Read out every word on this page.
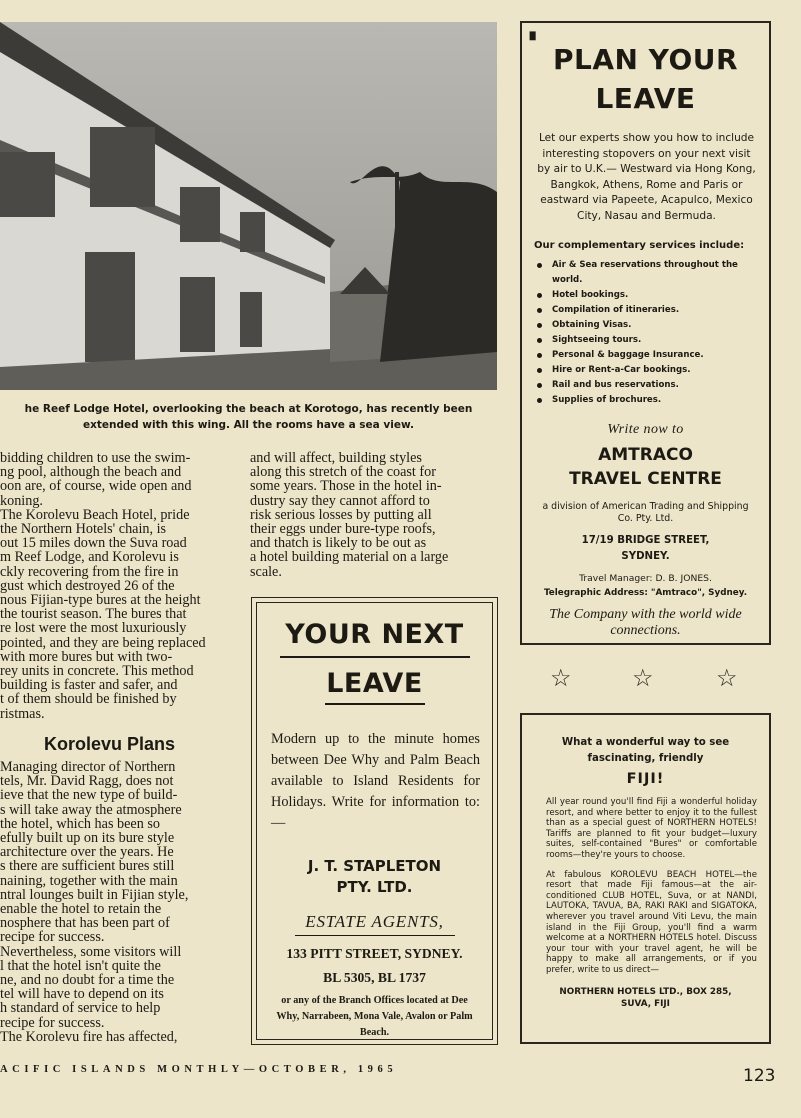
he Reef Lodge Hotel, overlooking the beach at Korotogo, has recently been extended with this wing. All the rooms have a sea view.

bidding children to use the swim-

ng pool, although the beach and

oon are, of course, wide open and

koning.

The Korolevu Beach Hotel, pride

the Northern Hotels' chain, is

out 15 miles down the Suva road

m Reef Lodge, and Korolevu is

ckly recovering from the fire in

gust which destroyed 26 of the

nous Fijian-type bures at the height

the tourist season. The bures that

re lost were the most luxuriously

pointed, and they are being replaced

with more bures but with two-

rey units in concrete. This method

building is faster and safer, and

t of them should be finished by

ristmas.

Korolevu Plans

Managing director of Northern

tels, Mr. David Ragg, does not

ieve that the new type of build-

s will take away the atmosphere

the hotel, which has been so

efully built up on its bure style

architecture over the years. He

s there are sufficient bures still

naining, together with the main

ntral lounges built in Fijian style,

enable the hotel to retain the

nosphere that has been part of

recipe for success.

Nevertheless, some visitors will

l that the hotel isn't quite the

ne, and no doubt for a time the

tel will have to depend on its

h standard of service to help

recipe for success.

The Korolevu fire has affected,

and will affect, building styles

along this stretch of the coast for

some years. Those in the hotel in-

dustry say they cannot afford to

risk serious losses by putting all

their eggs under bure-type roofs,

and thatch is likely to be out as

a hotel building material on a large

scale.

YOUR NEXT
LEAVE
Modern up to the minute homes between Dee Why and Palm Beach available to Island Residents for Holidays. Write for information to:—
J. T. STAPLETON
PTY. LTD.
ESTATE AGENTS,
133 PITT STREET, SYDNEY.
BL 5305, BL 1737
or any of the Branch Offices located at Dee Why, Narrabeen, Mona Vale, Avalon or Palm Beach.
▘
PLAN YOUR
LEAVE
Let our experts show you how to include interesting stopovers on your next visit by air to U.K.— Westward via Hong Kong, Bangkok, Athens, Rome and Paris or eastward via Papeete, Acapulco, Mexico City, Nasau and Bermuda.
Our complementary services include:
Air & Sea reservations throughout the world.
Hotel bookings.
Compilation of itineraries.
Obtaining Visas.
Sightseeing tours.
Personal & baggage Insurance.
Hire or Rent-a-Car bookings.
Rail and bus reservations.
Supplies of brochures.
Write now to
AMTRACO
TRAVEL CENTRE
a division of American Trading and Shipping Co. Pty. Ltd.
17/19 BRIDGE STREET,
SYDNEY.
Travel Manager: D. B. JONES.
Telegraphic Address: "Amtraco", Sydney.
The Company with the world wide connections.
☆	☆	☆
What a wonderful way to see fascinating, friendly
FIJI!
All year round you'll find Fiji a wonderful holiday resort, and where better to enjoy it to the fullest than as a special guest of NORTHERN HOTELS! Tariffs are planned to fit your budget—luxury suites, self-contained "Bures" or comfortable rooms—they're yours to choose.
At fabulous KOROLEVU BEACH HOTEL—the resort that made Fiji famous—at the air-conditioned CLUB HOTEL, Suva, or at NANDI, LAUTOKA, TAVUA, BA, RAKI RAKI and SIGATOKA, wherever you travel around Viti Levu, the main island in the Fiji Group, you'll find a warm welcome at a NORTHERN HOTELS hotel. Discuss your tour with your travel agent, he will be happy to make all arrangements, or if you prefer, write to us direct—
NORTHERN HOTELS LTD., BOX 285,
SUVA, FIJI
ACIFIC ISLANDS MONTHLY—OCTOBER, 1965	123
